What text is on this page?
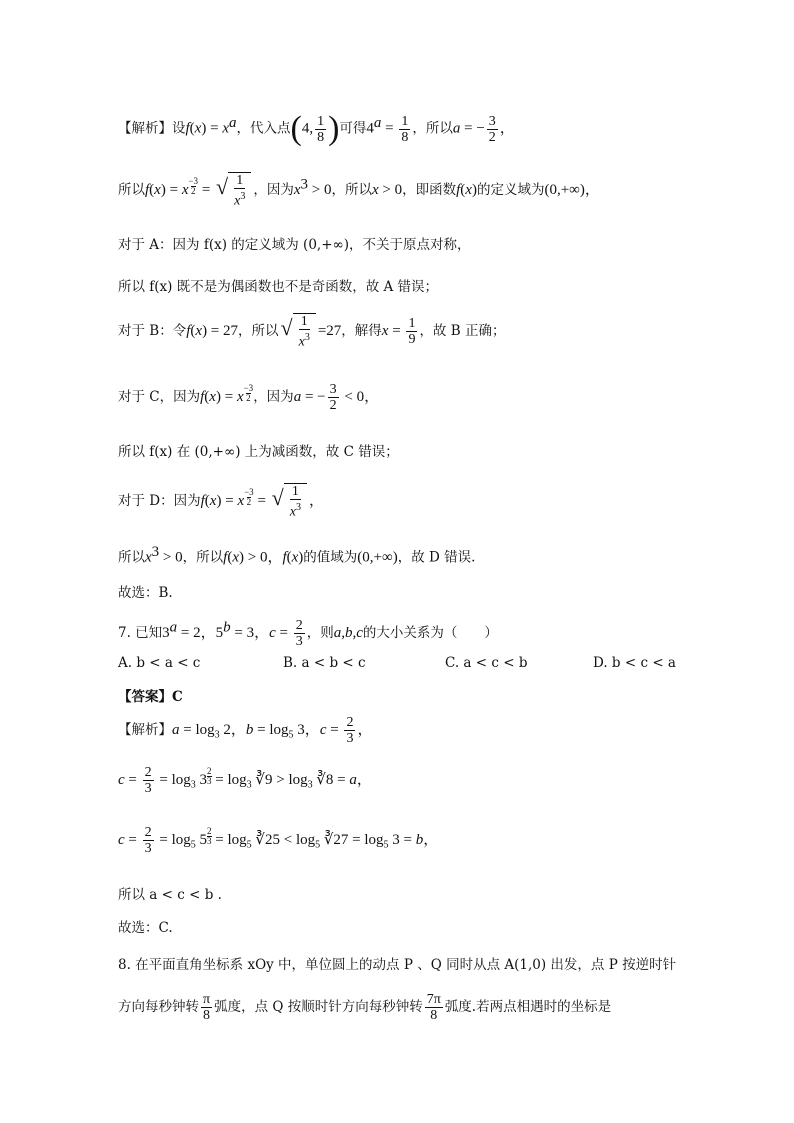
【解析】设$f(x) = x^a$，代入点(4, $\frac{1}{8}$ )可得$4^a = \frac{1}{8}$ ，所以a = − $\frac{3}{2}$ ，
所以f(x) = x $\frac{-3}{2}$ = √ $\frac{1}{x^3}$ ，因为$x^3 > 0$，所以x > 0，即函数f(x)的定义域为(0,+∞)，
对于 A：因为 f(x) 的定义域为 (0,+∞)，不关于原点对称，
所以 f(x) 既不是为偶函数也不是奇函数，故 A 错误；
对于 B：令f(x) = 27，所以 √ $\frac{1}{x^3} =27$，解得$x = \frac{1}{9}$ ，故 B 正确；
对于 C，因为f(x) = x $\frac{-3}{2}$ ，因为a = − $\frac{3}{2} < 0$，
所以 f(x) 在 (0,+∞) 上为减函数，故 C 错误；
对于 D：因为f(x) = x $\frac{-3}{2}$ = √ $\frac{1}{x^3}$ ，
所以$x^3 > 0$，所以f(x) > 0，f(x)的值域为(0,+∞)，故 D 错误.
故选：B.
7. 已知$3^a = 2$，$5^b = 3$，$c = \frac{2}{3}$ ，则a,b,c的大小关系为（　　）
A. b < a < c	B. a < b < c	C. a < c < b	D. b < c < a
【答案】C
【解析】$a = \log_3 2$，$b = \log_5 3$，$c = \frac{2}{3}$ ，
$c = \frac{2}{3} = \log_3 3 \frac{2}{3} = \log_3$ ∛9 > $\log_3$ ∛8 = a，
$c = \frac{2}{3} = \log_5 5 \frac{2}{3} = \log_5$ ∛25 < $\log_5$ ∛27 = $\log_5 3 = b$，
所以 a < c < b .
故选：C.
8. 在平面直角坐标系 xOy 中，单位圆上的动点 P 、Q 同时从点 A(1,0) 出发，点 P 按逆时针
方向每秒钟转 $\frac{\pi}{8}$ 弧度，点 Q 按顺时针方向每秒钟转 $\frac{7\pi}{8}$ 弧度.若两点相遇时的坐标是
